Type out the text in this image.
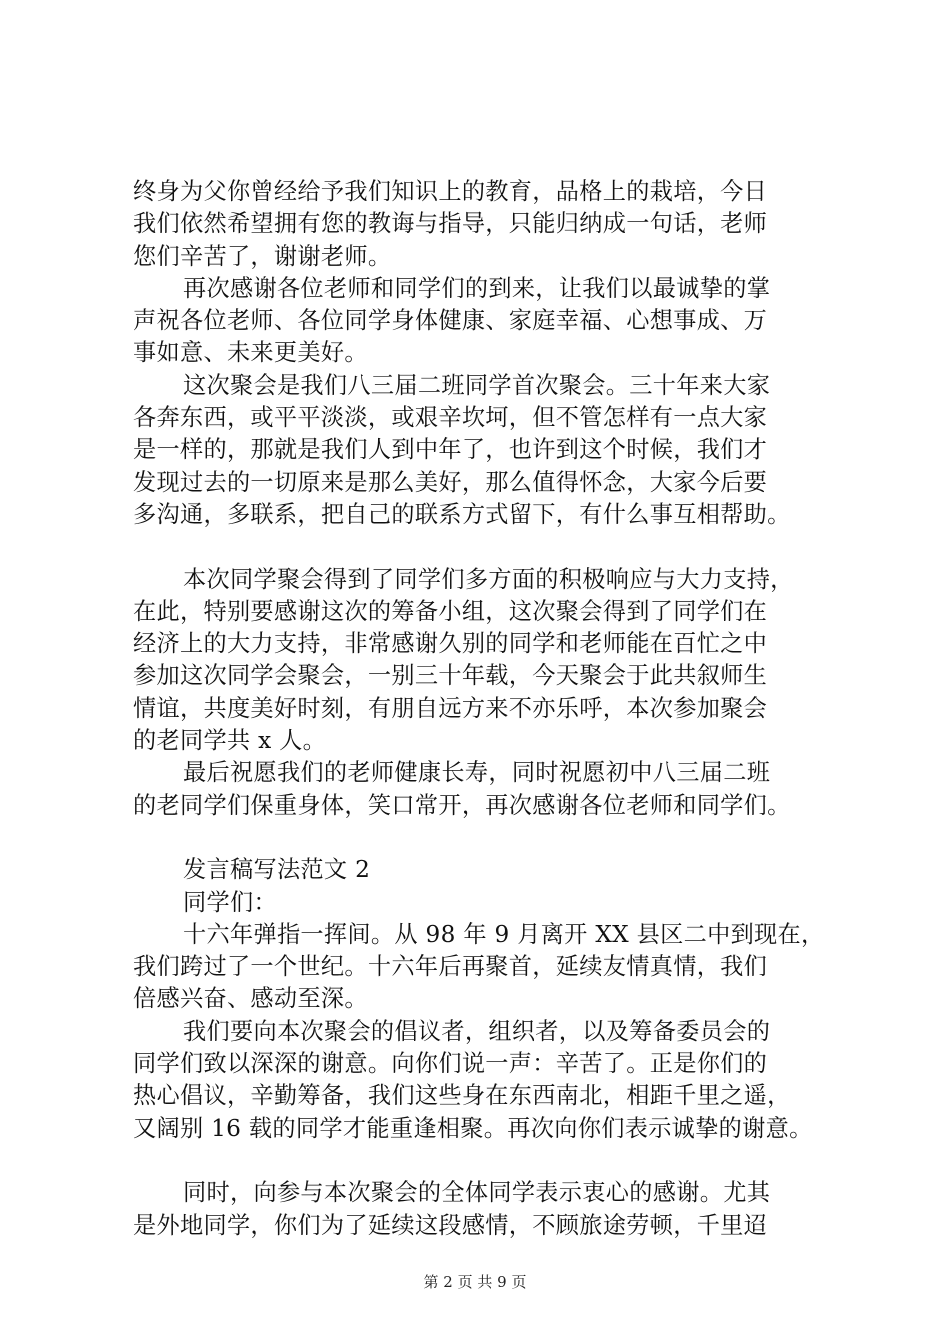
终身为父你曾经给予我们知识上的教育，品格上的栽培，今日
我们依然希望拥有您的教诲与指导，只能归纳成一句话，老师
您们辛苦了，谢谢老师。
再次感谢各位老师和同学们的到来，让我们以最诚挚的掌
声祝各位老师、各位同学身体健康、家庭幸福、心想事成、万
事如意、未来更美好。
这次聚会是我们八三届二班同学首次聚会。三十年来大家
各奔东西，或平平淡淡，或艰辛坎坷，但不管怎样有一点大家
是一样的，那就是我们人到中年了，也许到这个时候，我们才
发现过去的一切原来是那么美好，那么值得怀念，大家今后要
多沟通，多联系，把自己的联系方式留下，有什么事互相帮助。
本次同学聚会得到了同学们多方面的积极响应与大力支持，
在此，特别要感谢这次的筹备小组，这次聚会得到了同学们在
经济上的大力支持，非常感谢久别的同学和老师能在百忙之中
参加这次同学会聚会，一别三十年载，今天聚会于此共叙师生
情谊，共度美好时刻，有朋自远方来不亦乐呼，本次参加聚会
的老同学共 x 人。
最后祝愿我们的老师健康长寿，同时祝愿初中八三届二班
的老同学们保重身体，笑口常开，再次感谢各位老师和同学们。
发言稿写法范文 2
同学们：
十六年弹指一挥间。从 98 年 9 月离开 XX 县区二中到现在，
我们跨过了一个世纪。十六年后再聚首，延续友情真情，我们
倍感兴奋、感动至深。
我们要向本次聚会的倡议者，组织者，以及筹备委员会的
同学们致以深深的谢意。向你们说一声：辛苦了。正是你们的
热心倡议，辛勤筹备，我们这些身在东西南北，相距千里之遥，
又阔别 16 载的同学才能重逢相聚。再次向你们表示诚挚的谢意。
同时，向参与本次聚会的全体同学表示衷心的感谢。尤其
是外地同学，你们为了延续这段感情，不顾旅途劳顿，千里迢
第 2 页 共 9 页
